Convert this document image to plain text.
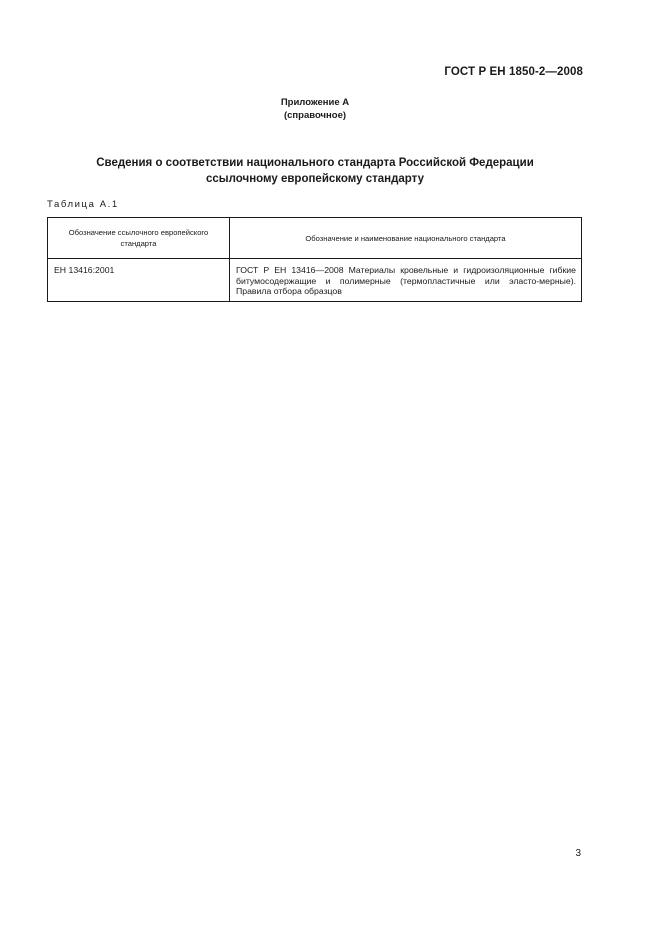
ГОСТ Р ЕН 1850-2—2008
Приложение А
(справочное)
Сведения о соответствии национального стандарта Российской Федерации
ссылочному европейскому стандарту
Таблица А.1
Обозначение ссылочного европейского стандарта	Обозначение и наименование национального стандарта
ЕН 13416:2001	ГОСТ Р ЕН 13416—2008 Материалы кровельные и гидроизоляционные гибкие битумосодержащие и полимерные (термопластичные или эласто-мерные). Правила отбора образцов
3
